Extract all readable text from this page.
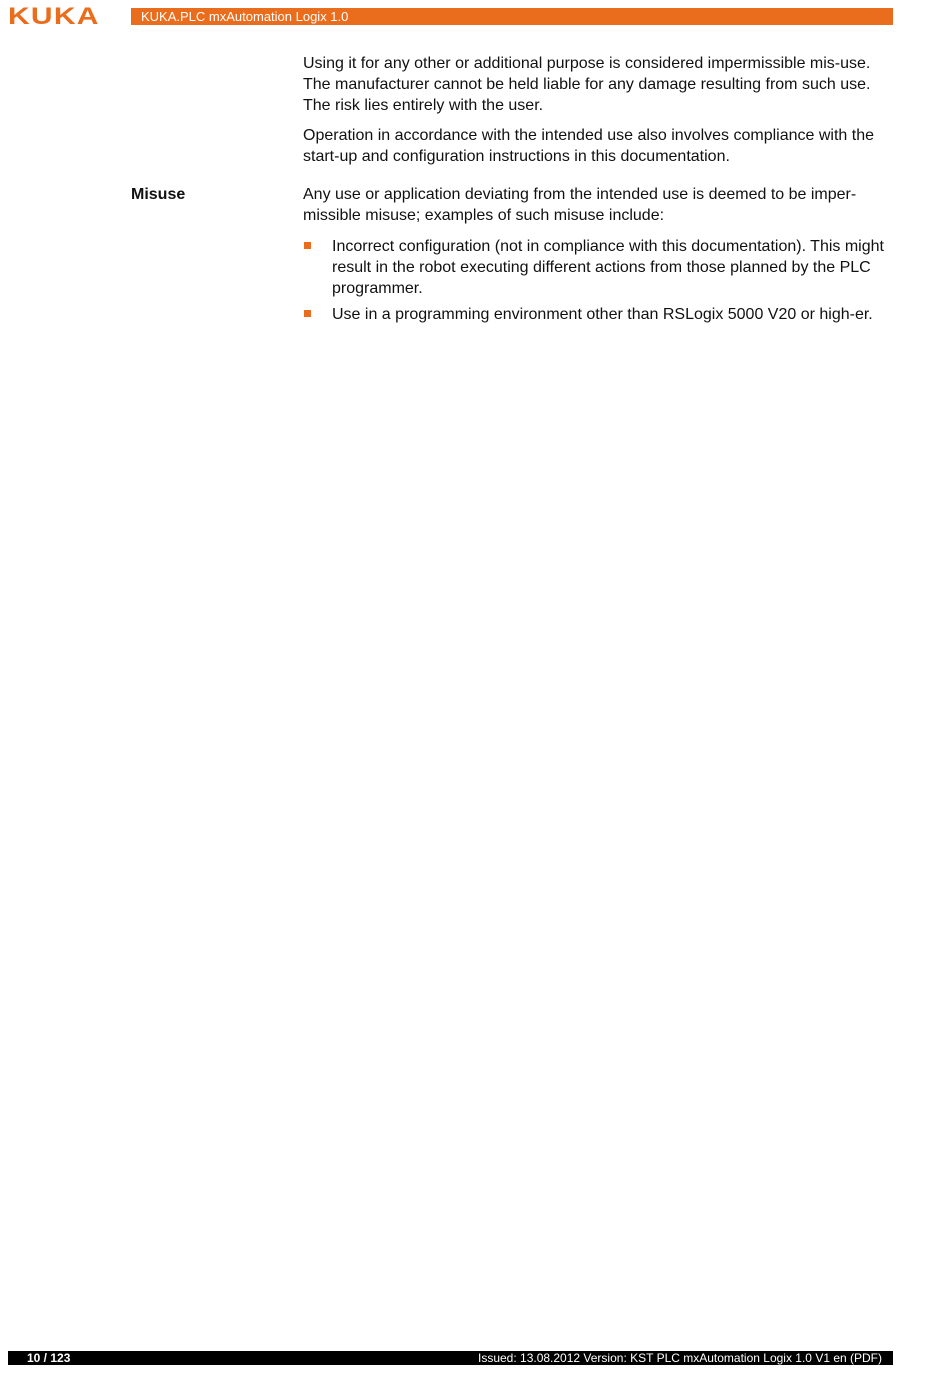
KUKA	KUKA.PLC mxAutomation Logix 1.0

Using it for any other or additional purpose is considered impermissible mis-use. The manufacturer cannot be held liable for any damage resulting from such use. The risk lies entirely with the user.

Operation in accordance with the intended use also involves compliance with the start-up and configuration instructions in this documentation.

Misuse	Any use or application deviating from the intended use is deemed to be imper-missible misuse; examples of such misuse include:

Incorrect configuration (not in compliance with this documentation). This might result in the robot executing different actions from those planned by the PLC programmer.
Use in a programming environment other than RSLogix 5000 V20 or high-er.
10 / 123	Issued: 13.08.2012 Version: KST PLC mxAutomation Logix 1.0 V1 en (PDF)
